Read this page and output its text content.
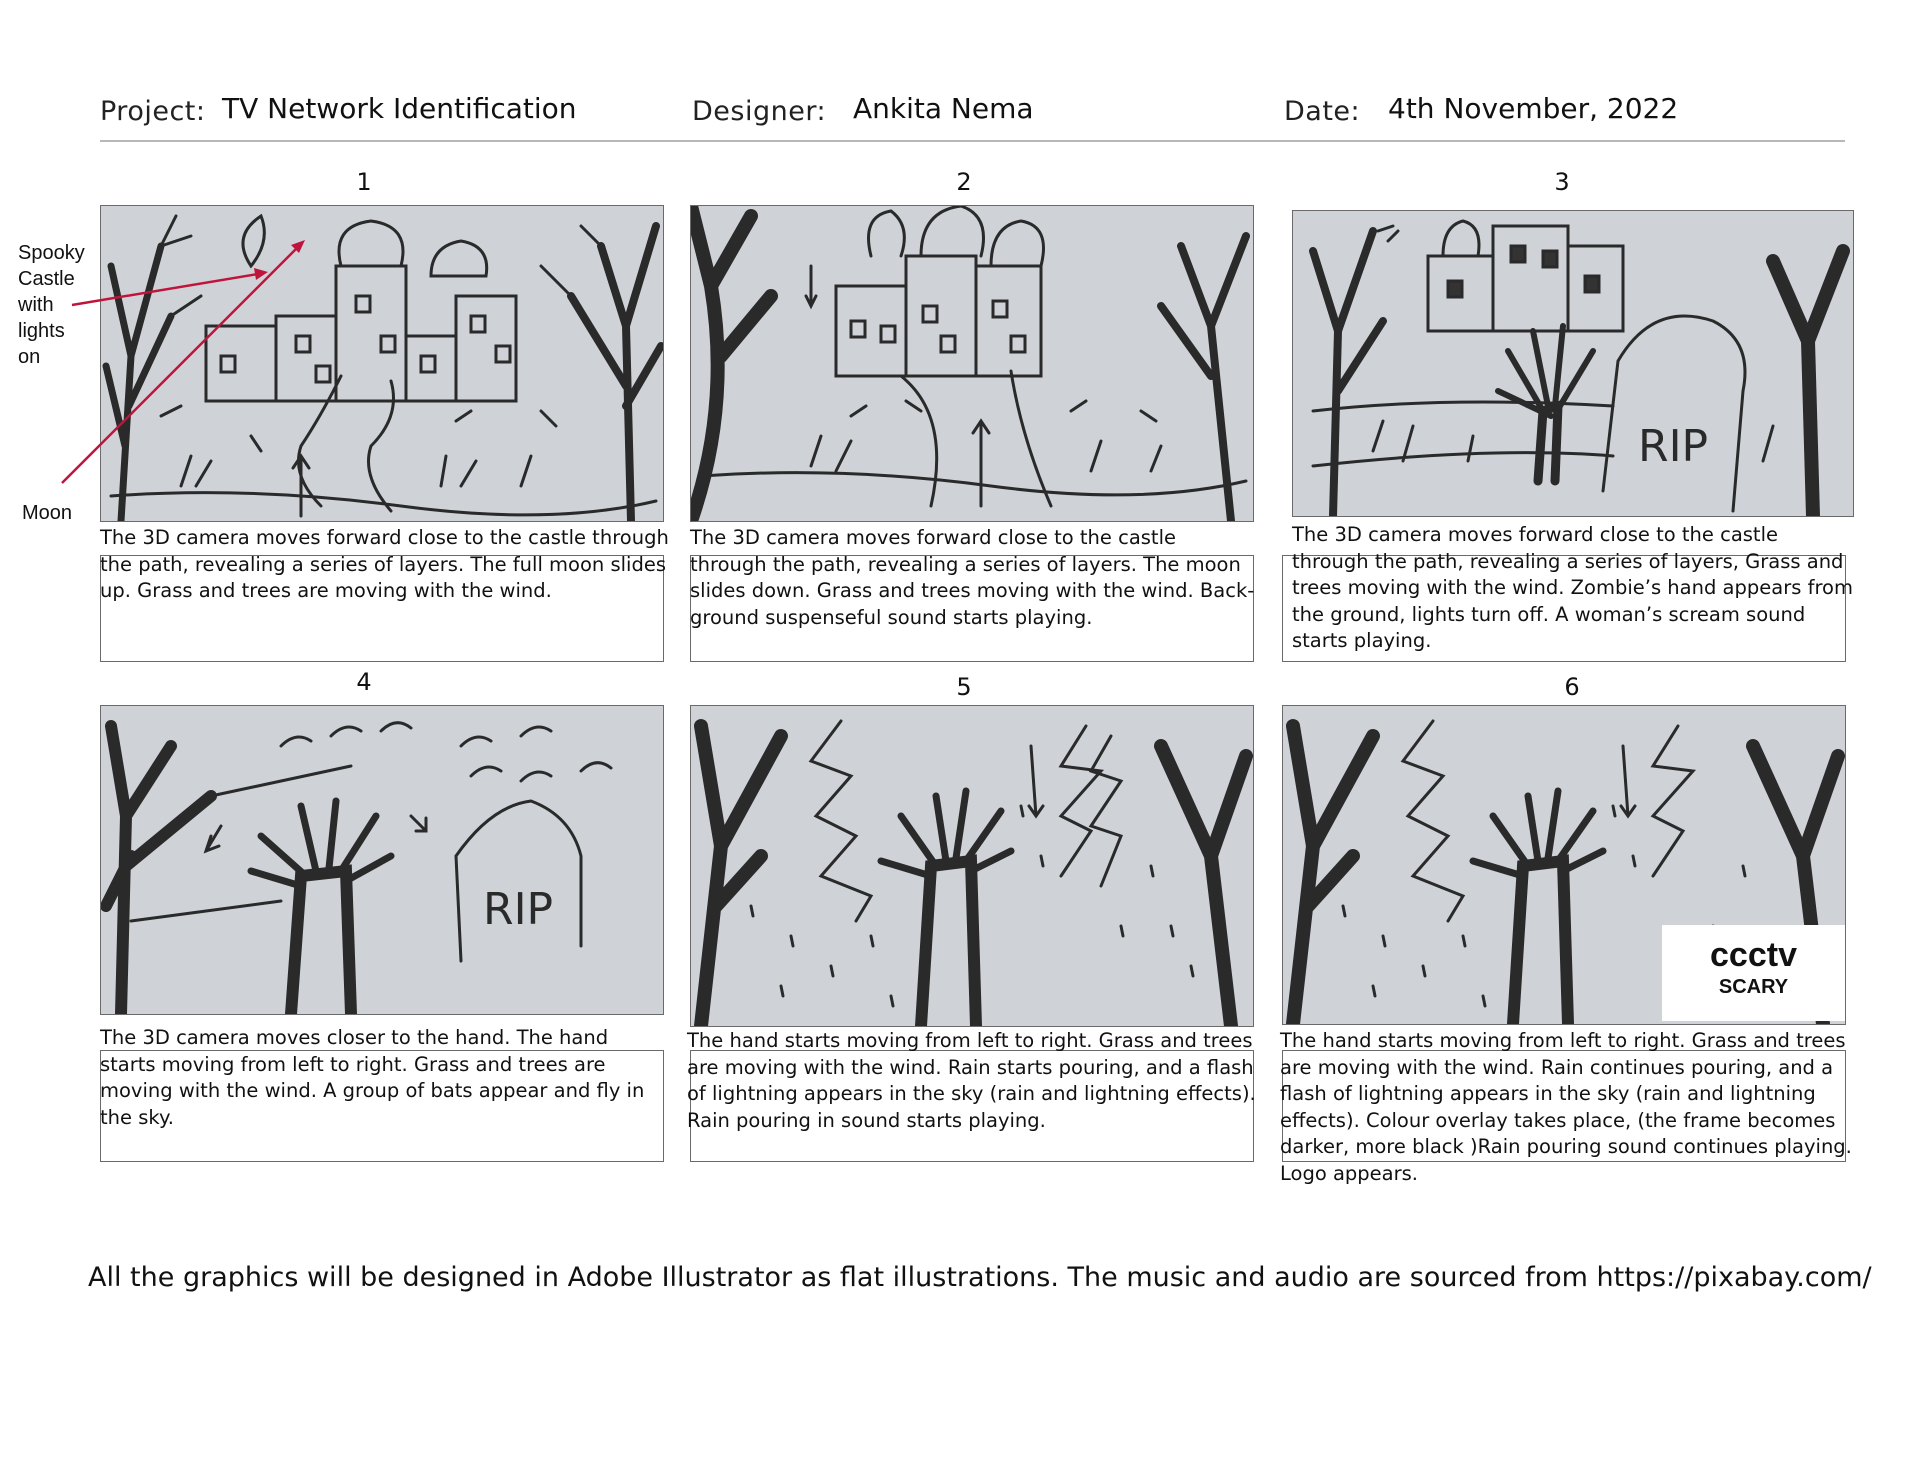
Project: TV Network Identification	Designer: Ankita Nema	Date: 4th November, 2022
Spooky
Castle
with
lights
on
Moon
1
The 3D camera moves forward close to the castle through
the path, revealing a series of layers. The full moon slides
up. Grass and trees are moving with the wind.
2
The 3D camera moves forward close to the castle
through the path, revealing a series of layers. The moon
slides down. Grass and trees moving with the wind. Back-
ground suspenseful sound starts playing.
3
RIP
The 3D camera moves forward close to the castle
through the path, revealing a series of layers, Grass and
trees moving with the wind. Zombie’s hand appears from
the ground, lights turn off. A woman’s scream sound
starts playing.
4
RIP
The 3D camera moves closer to the hand. The hand
starts moving from left to right. Grass and trees are
moving with the wind. A group of bats appear and fly in
the sky.
5
The hand starts moving from left to right. Grass and trees
are moving with the wind. Rain starts pouring, and a flash
of lightning appears in the sky (rain and lightning effects).
Rain pouring in sound starts playing.
6
ccctv
SCARY
The hand starts moving from left to right. Grass and trees
are moving with the wind. Rain continues pouring, and a
flash of lightning appears in the sky (rain and lightning
effects). Colour overlay takes place, (the frame becomes
darker, more black )Rain pouring sound continues playing.
Logo appears.
All the graphics will be designed in Adobe Illustrator as flat illustrations. The music and audio are sourced from https://pixabay.com/
